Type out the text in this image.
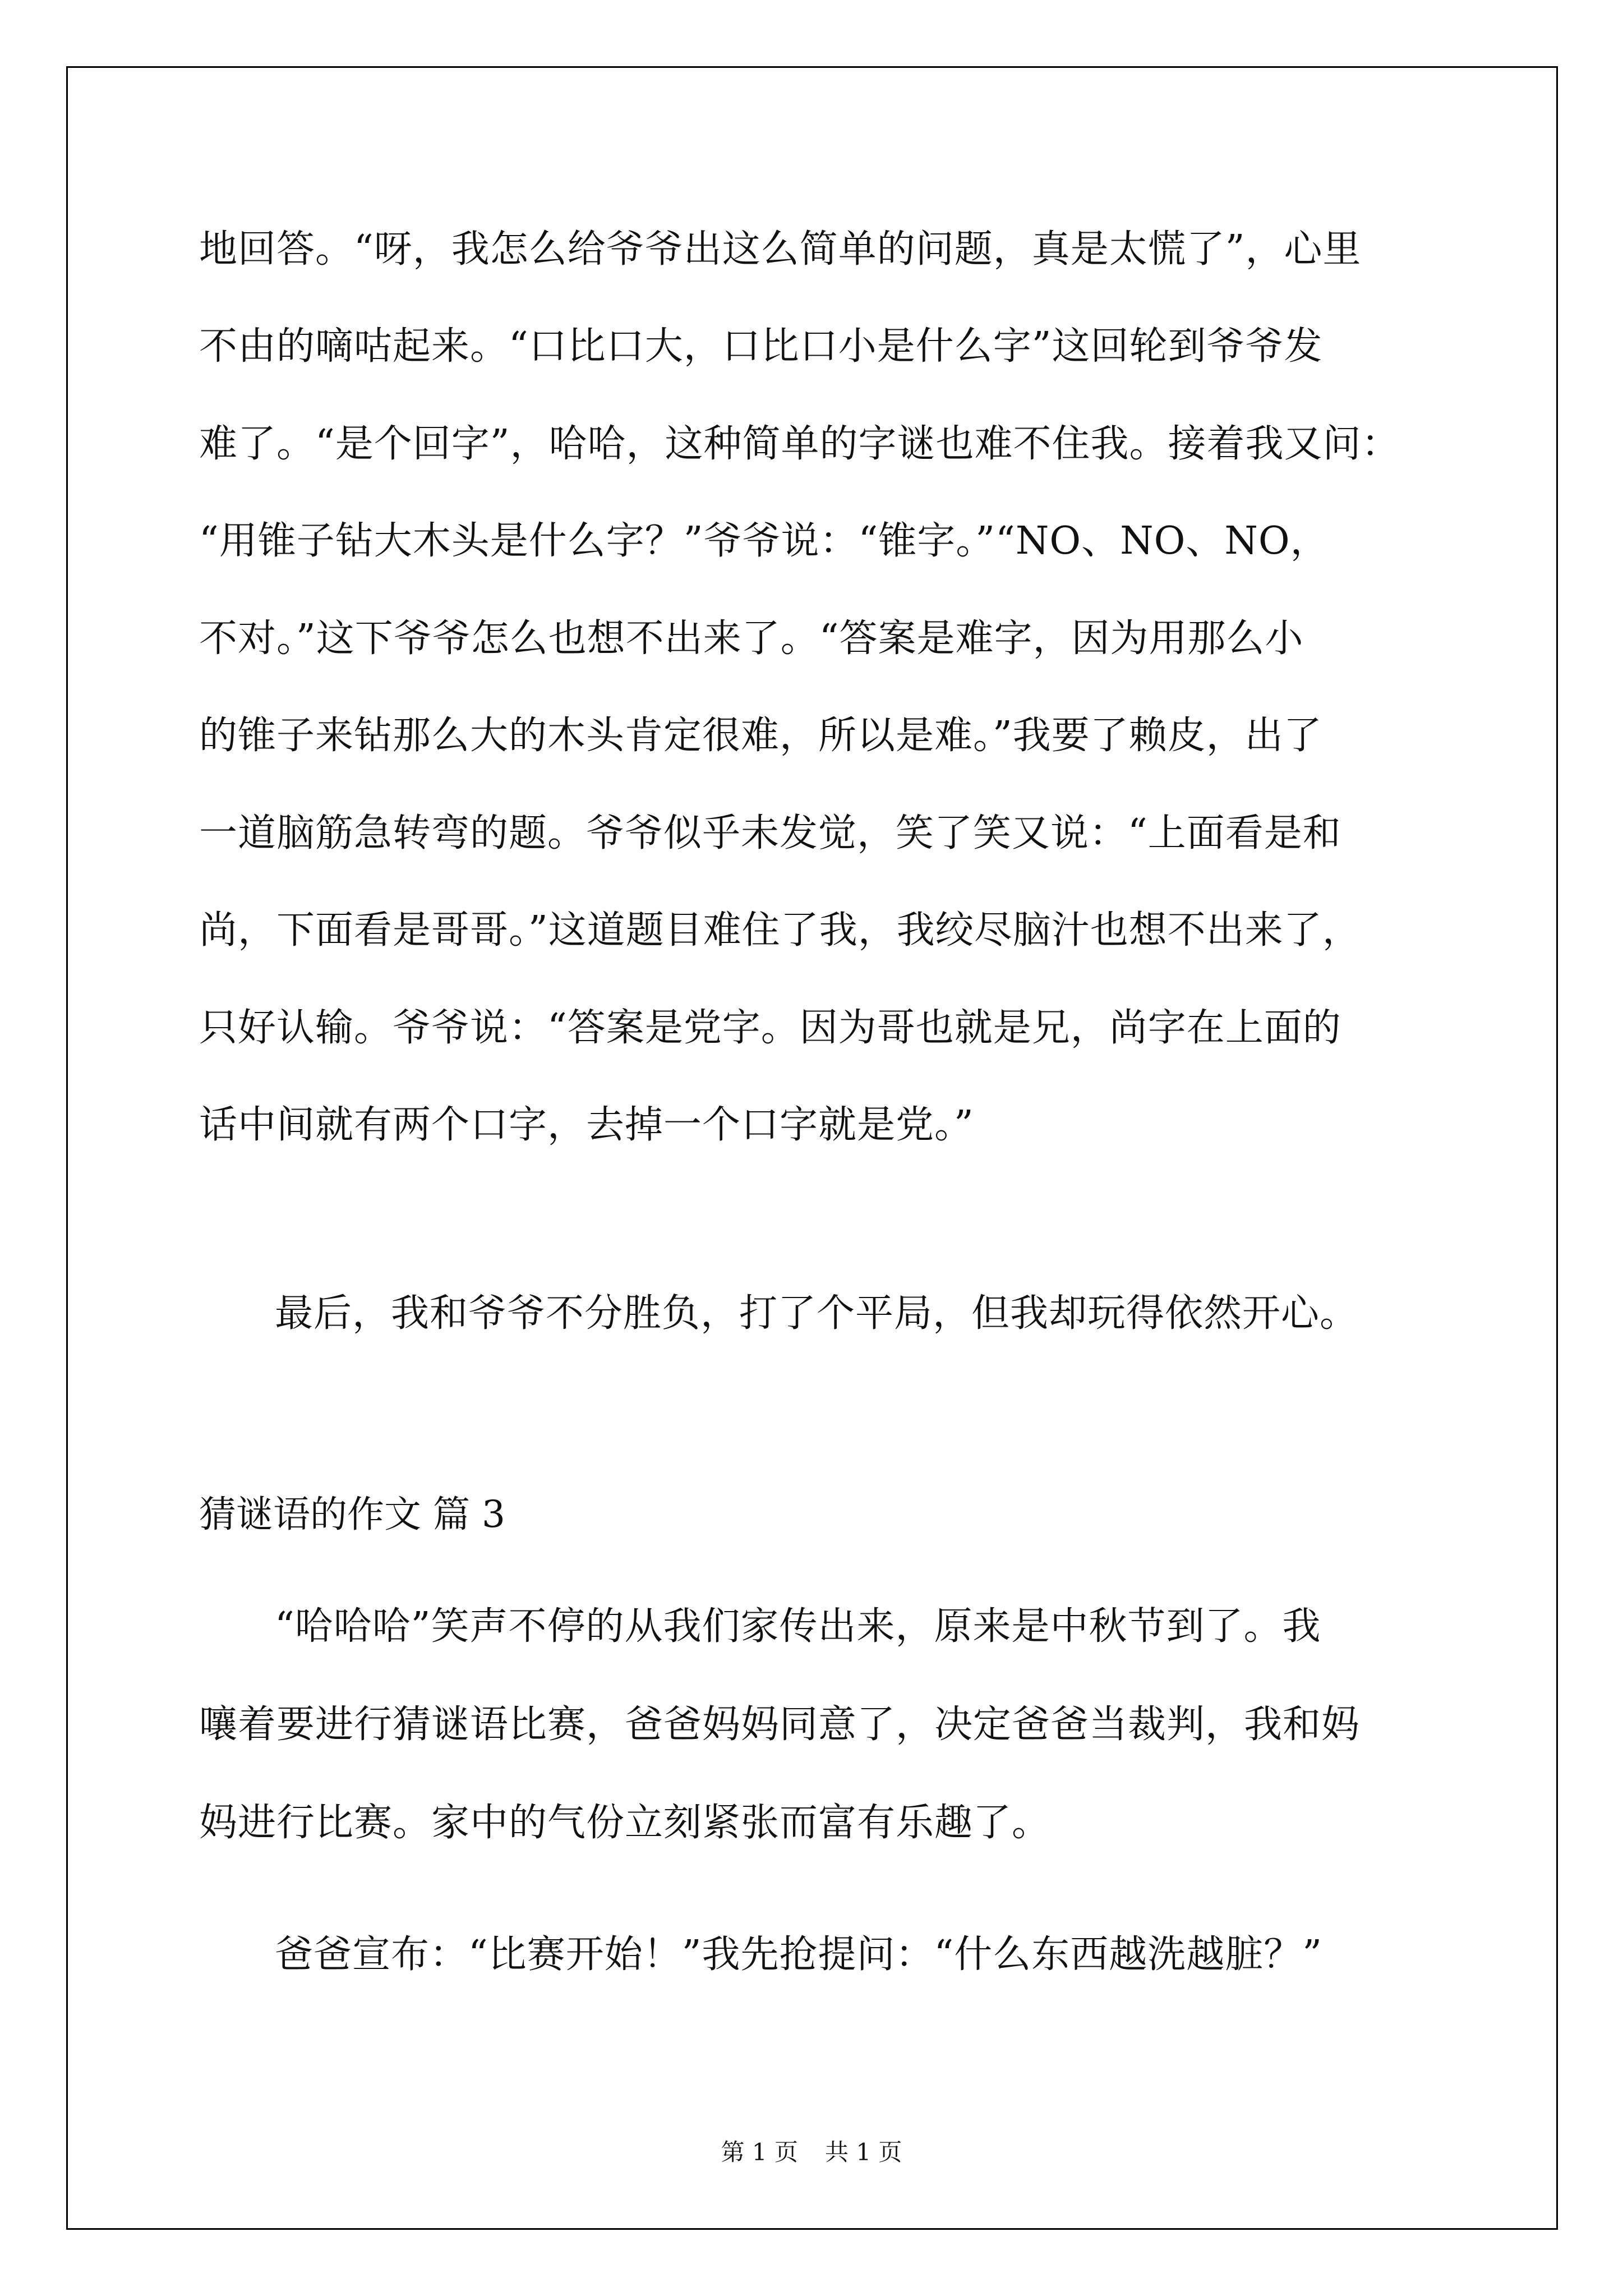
地回答。“呀，我怎么给爷爷出这么简单的问题，真是太慌了”，心里
不由的嘀咕起来。“口比口大，口比口小是什么字”这回轮到爷爷发
难了。“是个回字”，哈哈，这种简单的字谜也难不住我。接着我又问：
“用锥子钻大木头是什么字？”爷爷说：“锥字。”“NO、NO、NO，
不对。”这下爷爷怎么也想不出来了。“答案是难字，因为用那么小
的锥子来钻那么大的木头肯定很难，所以是难。”我要了赖皮，出了
一道脑筋急转弯的题。爷爷似乎未发觉，笑了笑又说：“上面看是和
尚，下面看是哥哥。”这道题目难住了我，我绞尽脑汁也想不出来了，
只好认输。爷爷说：“答案是党字。因为哥也就是兄，尚字在上面的
话中间就有两个口字，去掉一个口字就是党。”
最后，我和爷爷不分胜负，打了个平局，但我却玩得依然开心。
猜谜语的作文 篇 3
“哈哈哈”笑声不停的从我们家传出来，原来是中秋节到了。我
嚷着要进行猜谜语比赛，爸爸妈妈同意了，决定爸爸当裁判，我和妈
妈进行比赛。家中的气份立刻紧张而富有乐趣了。
爸爸宣布：“比赛开始！”我先抢提问：“什么东西越洗越脏？”
第 1 页 共 1 页
